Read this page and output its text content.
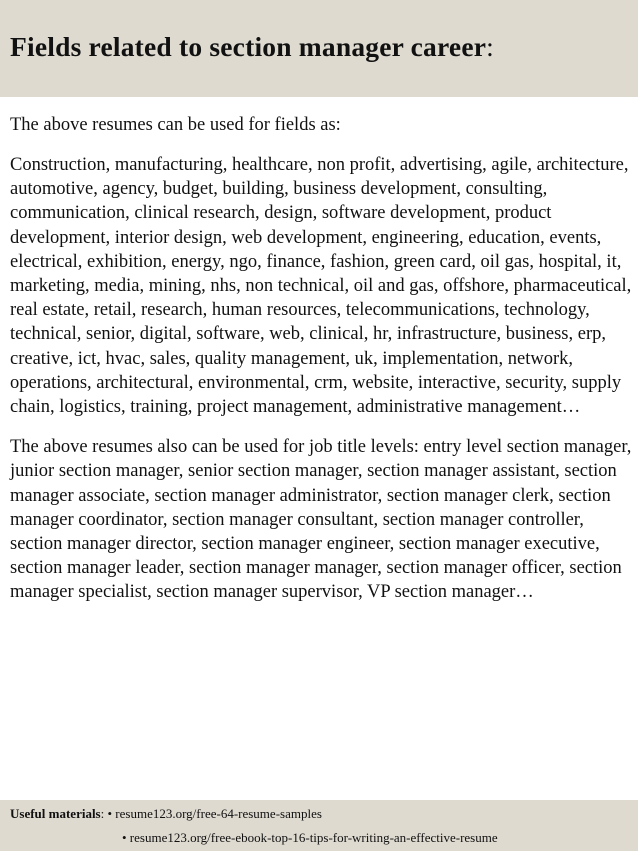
Fields related to section manager career:

The above resumes can be used for fields as:

Construction, manufacturing, healthcare, non profit, advertising, agile, architecture, automotive, agency, budget, building, business development, consulting, communication, clinical research, design, software development, product development, interior design, web development, engineering, education, events, electrical, exhibition, energy, ngo, finance, fashion, green card, oil gas, hospital, it, marketing, media, mining, nhs, non technical, oil and gas, offshore, pharmaceutical, real estate, retail, research, human resources, telecommunications, technology, technical, senior, digital, software, web, clinical, hr, infrastructure, business, erp, creative, ict, hvac, sales, quality management, uk, implementation, network, operations, architectural, environmental, crm, website, interactive, security, supply chain, logistics, training, project management, administrative management…

The above resumes also can be used for job title levels: entry level section manager, junior section manager, senior section manager, section manager assistant, section manager associate, section manager administrator, section manager clerk, section manager coordinator, section manager consultant, section manager controller, section manager director, section manager engineer, section manager executive, section manager leader, section manager manager, section manager officer, section manager specialist, section manager supervisor, VP section manager…

Useful materials: • resume123.org/free-64-resume-samples
• resume123.org/free-ebook-top-16-tips-for-writing-an-effective-resume
